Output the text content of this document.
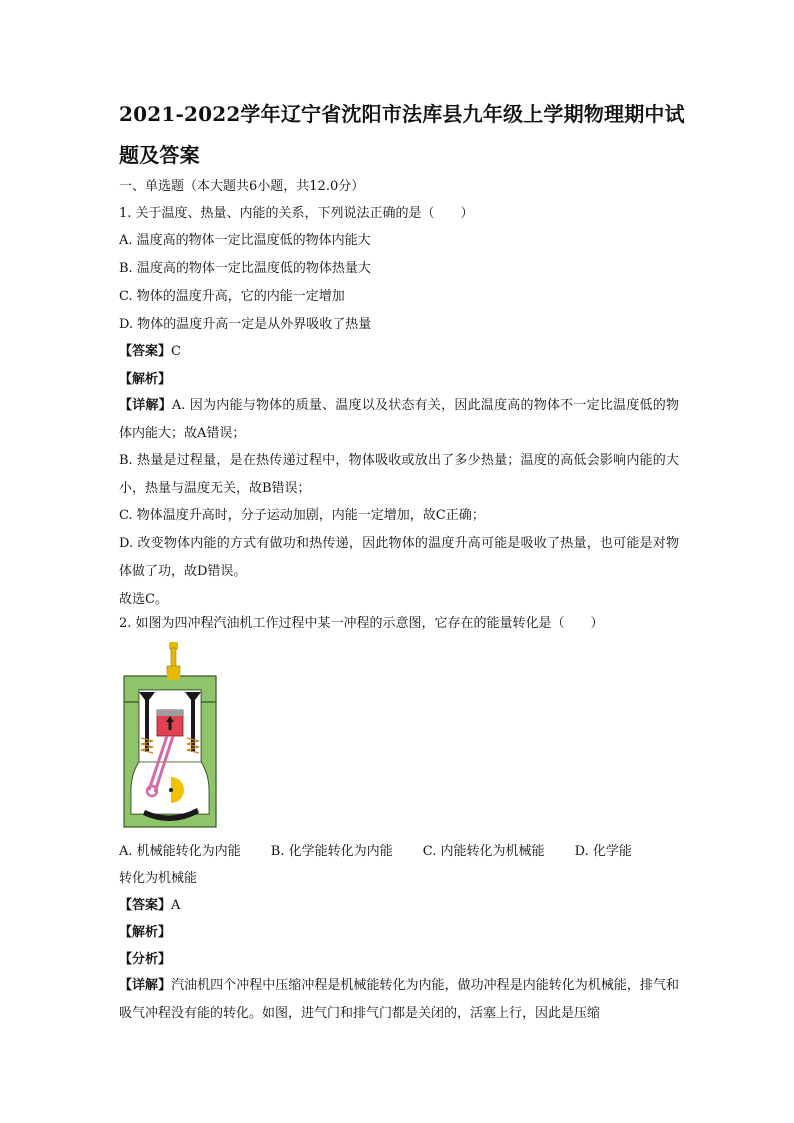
2021-2022学年辽宁省沈阳市法库县九年级上学期物理期中试题及答案

一、单选题（本大题共6小题，共12.0分）

1. 关于温度、热量、内能的关系，下列说法正确的是（　　）

A. 温度高的物体一定比温度低的物体内能大

B. 温度高的物体一定比温度低的物体热量大

C. 物体的温度升高，它的内能一定增加

D. 物体的温度升高一定是从外界吸收了热量

【答案】C

【解析】

【详解】A. 因为内能与物体的质量、温度以及状态有关，因此温度高的物体不一定比温度低的物体内能大；故A错误；

B. 热量是过程量，是在热传递过程中，物体吸收或放出了多少热量；温度的高低会影响内能的大小，热量与温度无关，故B错误；

C. 物体温度升高时，分子运动加剧，内能一定增加，故C正确；

D. 改变物体内能的方式有做功和热传递，因此物体的温度升高可能是吸收了热量，也可能是对物体做了功，故D错误。

故选C。

2. 如图为四冲程汽油机工作过程中某一冲程的示意图，它存在的能量转化是（　　）

A. 机械能转化为内能　　 B. 化学能转化为内能　　 C. 内能转化为机械能　　 D. 化学能

转化为机械能

【答案】A

【解析】

【分析】

【详解】汽油机四个冲程中压缩冲程是机械能转化为内能，做功冲程是内能转化为机械能，排气和吸气冲程没有能的转化。如图，进气门和排气门都是关闭的，活塞上行，因此是压缩
